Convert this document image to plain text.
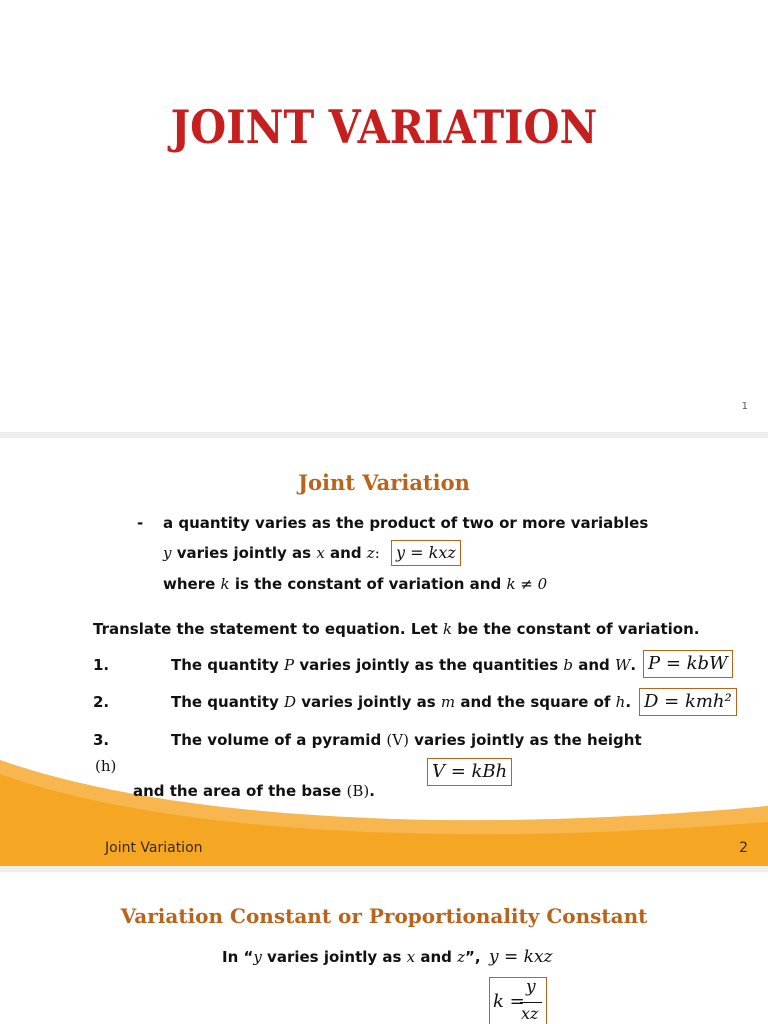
JOINT VARIATION
1
Joint Variation
- a quantity varies as the product of two or more variables
y varies jointly as x and z:	y = kxz
where k is the constant of variation and k ≠ 0
Translate the statement to equation. Let k be the constant of variation.
1.	The quantity P varies jointly as the quantities b and W. P = kbW
2.	The quantity D varies jointly as m and the square of h. D = kmh²
3.	The volume of a pyramid (V) varies jointly as the height
(h)	V = kBh
and the area of the base (B).
Joint Variation	2
Variation Constant or Proportionality Constant
In “y varies jointly as x and z”, y = kxz
k =
y
xz
